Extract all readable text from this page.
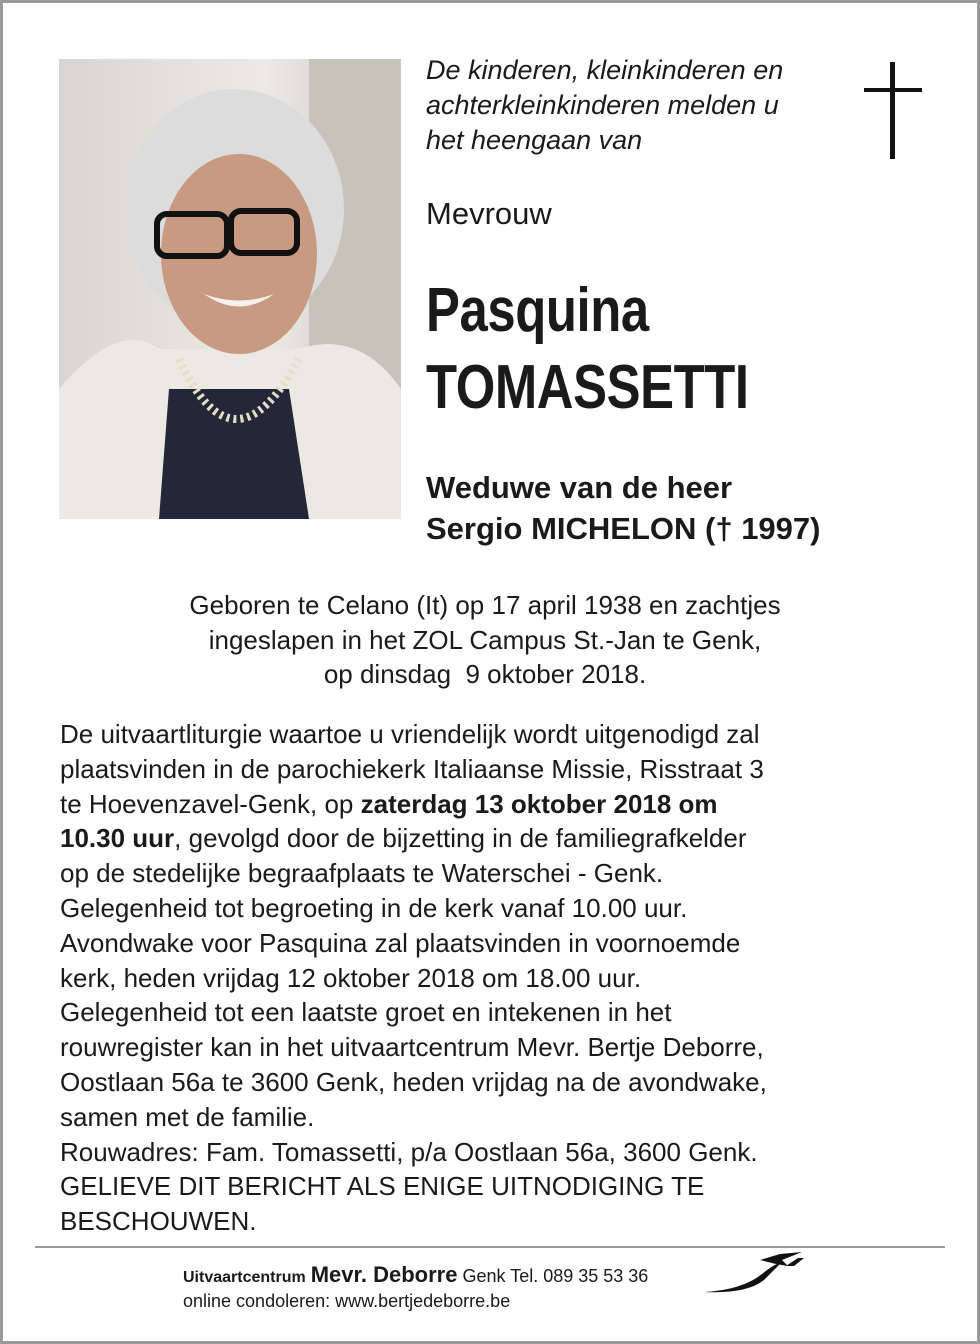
De kinderen, kleinkinderen en
achterkleinkinderen melden u
het heengaan van
Mevrouw
Pasquina
TOMASSETTI
Weduwe van de heer
Sergio MICHELON († 1997)
Geboren te Celano (It) op 17 april 1938 en zachtjes
ingeslapen in het ZOL Campus St.-Jan te Genk,
op dinsdag  9 oktober 2018.
De uitvaartliturgie waartoe u vriendelijk wordt uitgenodigd zal
plaatsvinden in de parochiekerk Italiaanse Missie, Risstraat 3
te Hoevenzavel-Genk, op zaterdag 13 oktober 2018 om
10.30 uur, gevolgd door de bijzetting in de familiegrafkelder
op de stedelijke begraafplaats te Waterschei - Genk.
Gelegenheid tot begroeting in de kerk vanaf 10.00 uur.
Avondwake voor Pasquina zal plaatsvinden in voornoemde
kerk, heden vrijdag 12 oktober 2018 om 18.00 uur.
Gelegenheid tot een laatste groet en intekenen in het
rouwregister kan in het uitvaartcentrum Mevr. Bertje Deborre,
Oostlaan 56a te 3600 Genk, heden vrijdag na de avondwake,
samen met de familie.
Rouwadres: Fam. Tomassetti, p/a Oostlaan 56a, 3600 Genk.
GELIEVE DIT BERICHT ALS ENIGE UITNODIGING TE
BESCHOUWEN.
Uitvaartcentrum Mevr. Deborre Genk Tel. 089 35 53 36
online condoleren: www.bertjedeborre.be
